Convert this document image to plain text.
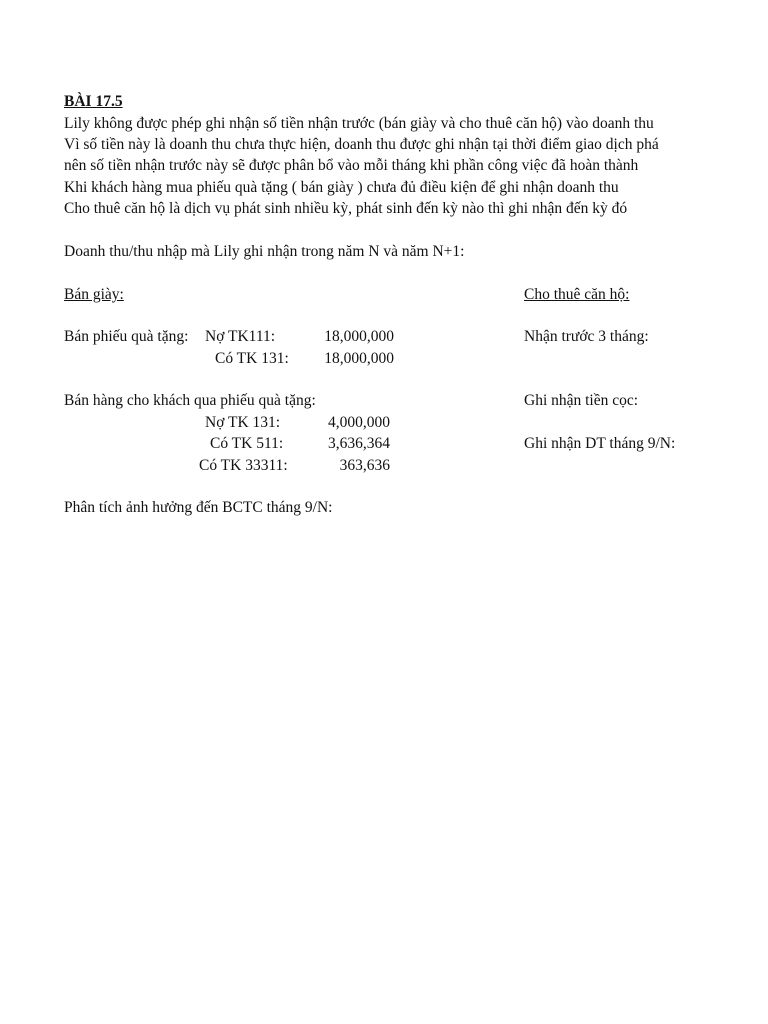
BÀI 17.5
Lily không được phép ghi nhận số tiền nhận trước (bán giày và cho thuê căn hộ) vào doanh thu
Vì số tiền này là doanh thu chưa thực hiện, doanh thu được ghi nhận tại thời điểm giao dịch phá
nên số tiền nhận trước này sẽ được phân bổ vào mỗi tháng khi phần công việc đã hoàn thành
Khi khách hàng mua phiếu quà tặng ( bán giày ) chưa đủ điều kiện để ghi nhận doanh thu
Cho thuê căn hộ là dịch vụ phát sinh nhiều kỳ, phát sinh đến kỳ nào thì ghi nhận đến kỳ đó
Doanh thu/thu nhập mà Lily ghi nhận trong năm N và năm N+1:
Bán giày:
Bán phiếu quà tặng: Nợ TK111:	18,000,000
Có TK 131:	18,000,000
Bán hàng cho khách qua phiếu quà tặng:
Nợ TK 131:	4,000,000
Có TK 511:	3,636,364
Có TK 33311:	363,636
Cho thuê căn hộ:
Nhận trước 3 tháng:
Ghi nhận tiền cọc:
Ghi nhận DT tháng 9/N:
Phân tích ảnh hưởng đến BCTC tháng 9/N:
